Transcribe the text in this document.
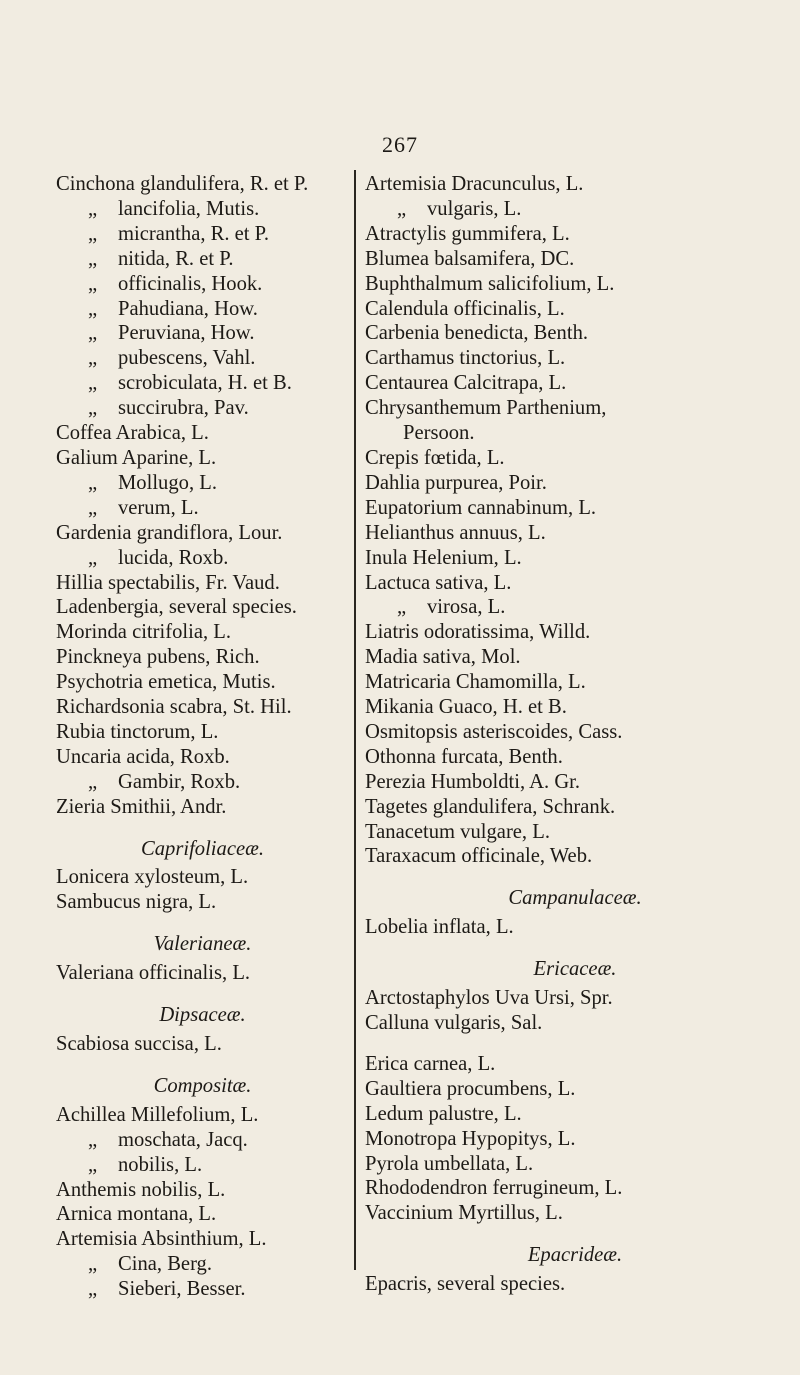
267
Cinchona glandulifera, R. et P.
„ lancifolia, Mutis.
„ micrantha, R. et P.
„ nitida, R. et P.
„ officinalis, Hook.
„ Pahudiana, How.
„ Peruviana, How.
„ pubescens, Vahl.
„ scrobiculata, H. et B.
„ succirubra, Pav.
Coffea Arabica, L.
Galium Aparine, L.
„ Mollugo, L.
„ verum, L.
Gardenia grandiflora, Lour.
„ lucida, Roxb.
Hillia spectabilis, Fr. Vaud.
Ladenbergia, several species.
Morinda citrifolia, L.
Pinckneya pubens, Rich.
Psychotria emetica, Mutis.
Richardsonia scabra, St. Hil.
Rubia tinctorum, L.
Uncaria acida, Roxb.
„ Gambir, Roxb.
Zieria Smithii, Andr.
Caprifoliaceæ.
Lonicera xylosteum, L.
Sambucus nigra, L.
Valerianeæ.
Valeriana officinalis, L.
Dipsaceæ.
Scabiosa succisa, L.
Compositæ.
Achillea Millefolium, L.
„ moschata, Jacq.
„ nobilis, L.
Anthemis nobilis, L.
Arnica montana, L.
Artemisia Absinthium, L.
„ Cina, Berg.
„ Sieberi, Besser.
Artemisia Dracunculus, L.
„ vulgaris, L.
Atractylis gummifera, L.
Blumea balsamifera, DC.
Buphthalmum salicifolium, L.
Calendula officinalis, L.
Carbenia benedicta, Benth.
Carthamus tinctorius, L.
Centaurea Calcitrapa, L.
Chrysanthemum Parthenium,
Persoon.
Crepis fœtida, L.
Dahlia purpurea, Poir.
Eupatorium cannabinum, L.
Helianthus annuus, L.
Inula Helenium, L.
Lactuca sativa, L.
„ virosa, L.
Liatris odoratissima, Willd.
Madia sativa, Mol.
Matricaria Chamomilla, L.
Mikania Guaco, H. et B.
Osmitopsis asteriscoides, Cass.
Othonna furcata, Benth.
Perezia Humboldti, A. Gr.
Tagetes glandulifera, Schrank.
Tanacetum vulgare, L.
Taraxacum officinale, Web.
Campanulaceæ.
Lobelia inflata, L.
Ericaceæ.
Arctostaphylos Uva Ursi, Spr.
Calluna vulgaris, Sal.
Erica carnea, L.
Gaultiera procumbens, L.
Ledum palustre, L.
Monotropa Hypopitys, L.
Pyrola umbellata, L.
Rhododendron ferrugineum, L.
Vaccinium Myrtillus, L.
Epacrideæ.
Epacris, several species.
